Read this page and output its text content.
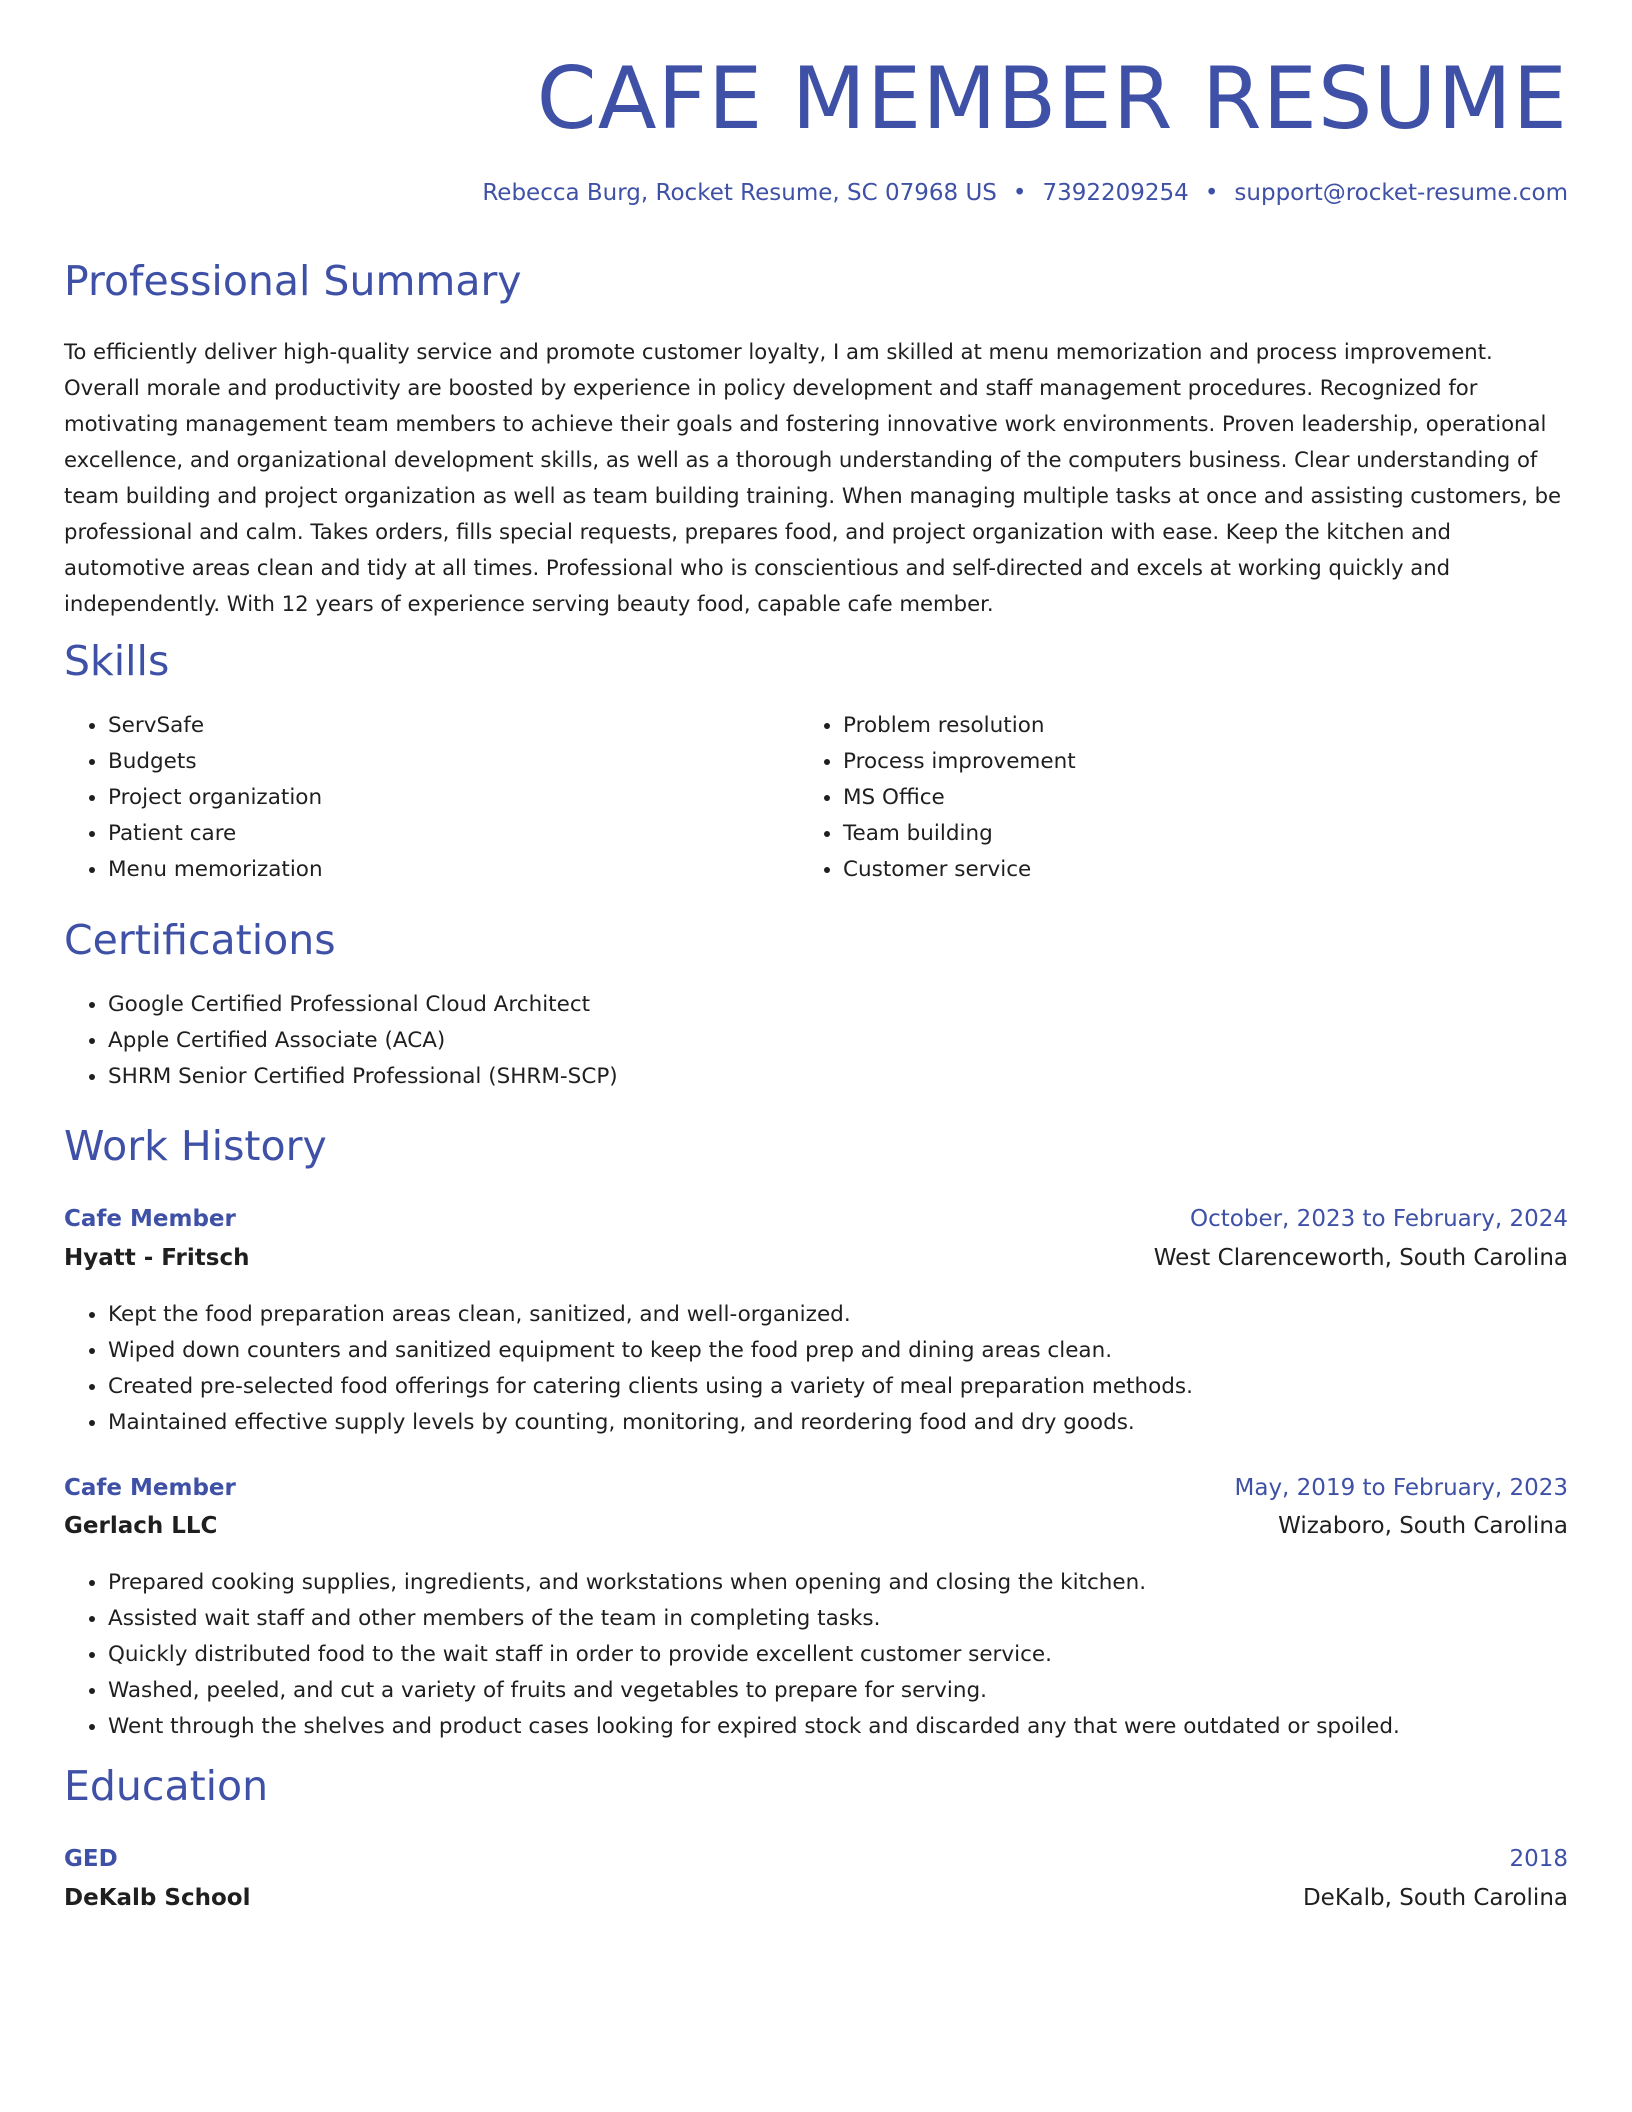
CAFE MEMBER RESUME
Rebecca Burg, Rocket Resume, SC 07968 US • 7392209254 • support@rocket-resume.com
Professional Summary

To efficiently deliver high-quality service and promote customer loyalty, I am skilled at menu memorization and process improvement. Overall morale and productivity are boosted by experience in policy development and staff management procedures. Recognized for motivating management team members to achieve their goals and fostering innovative work environments. Proven leadership, operational excellence, and organizational development skills, as well as a thorough understanding of the computers business. Clear understanding of team building and project organization as well as team building training. When managing multiple tasks at once and assisting customers, be professional and calm. Takes orders, fills special requests, prepares food, and project organization with ease. Keep the kitchen and automotive areas clean and tidy at all times. Professional who is conscientious and self-directed and excels at working quickly and independently. With 12 years of experience serving beauty food, capable cafe member.

Skills
• ServSafe
• Budgets
• Project organization
• Patient care
• Menu memorization
• Problem resolution
• Process improvement
• MS Office
• Team building
• Customer service
Certifications
• Google Certified Professional Cloud Architect
• Apple Certified Associate (ACA)
• SHRM Senior Certified Professional (SHRM-SCP)
Work History
Cafe Member	October, 2023 to February, 2024
Hyatt - Fritsch	West Clarenceworth, South Carolina
• Kept the food preparation areas clean, sanitized, and well-organized.
• Wiped down counters and sanitized equipment to keep the food prep and dining areas clean.
• Created pre-selected food offerings for catering clients using a variety of meal preparation methods.
• Maintained effective supply levels by counting, monitoring, and reordering food and dry goods.
Cafe Member	May, 2019 to February, 2023
Gerlach LLC	Wizaboro, South Carolina
• Prepared cooking supplies, ingredients, and workstations when opening and closing the kitchen.
• Assisted wait staff and other members of the team in completing tasks.
• Quickly distributed food to the wait staff in order to provide excellent customer service.
• Washed, peeled, and cut a variety of fruits and vegetables to prepare for serving.
• Went through the shelves and product cases looking for expired stock and discarded any that were outdated or spoiled.
Education
GED	2018
DeKalb School	DeKalb, South Carolina
